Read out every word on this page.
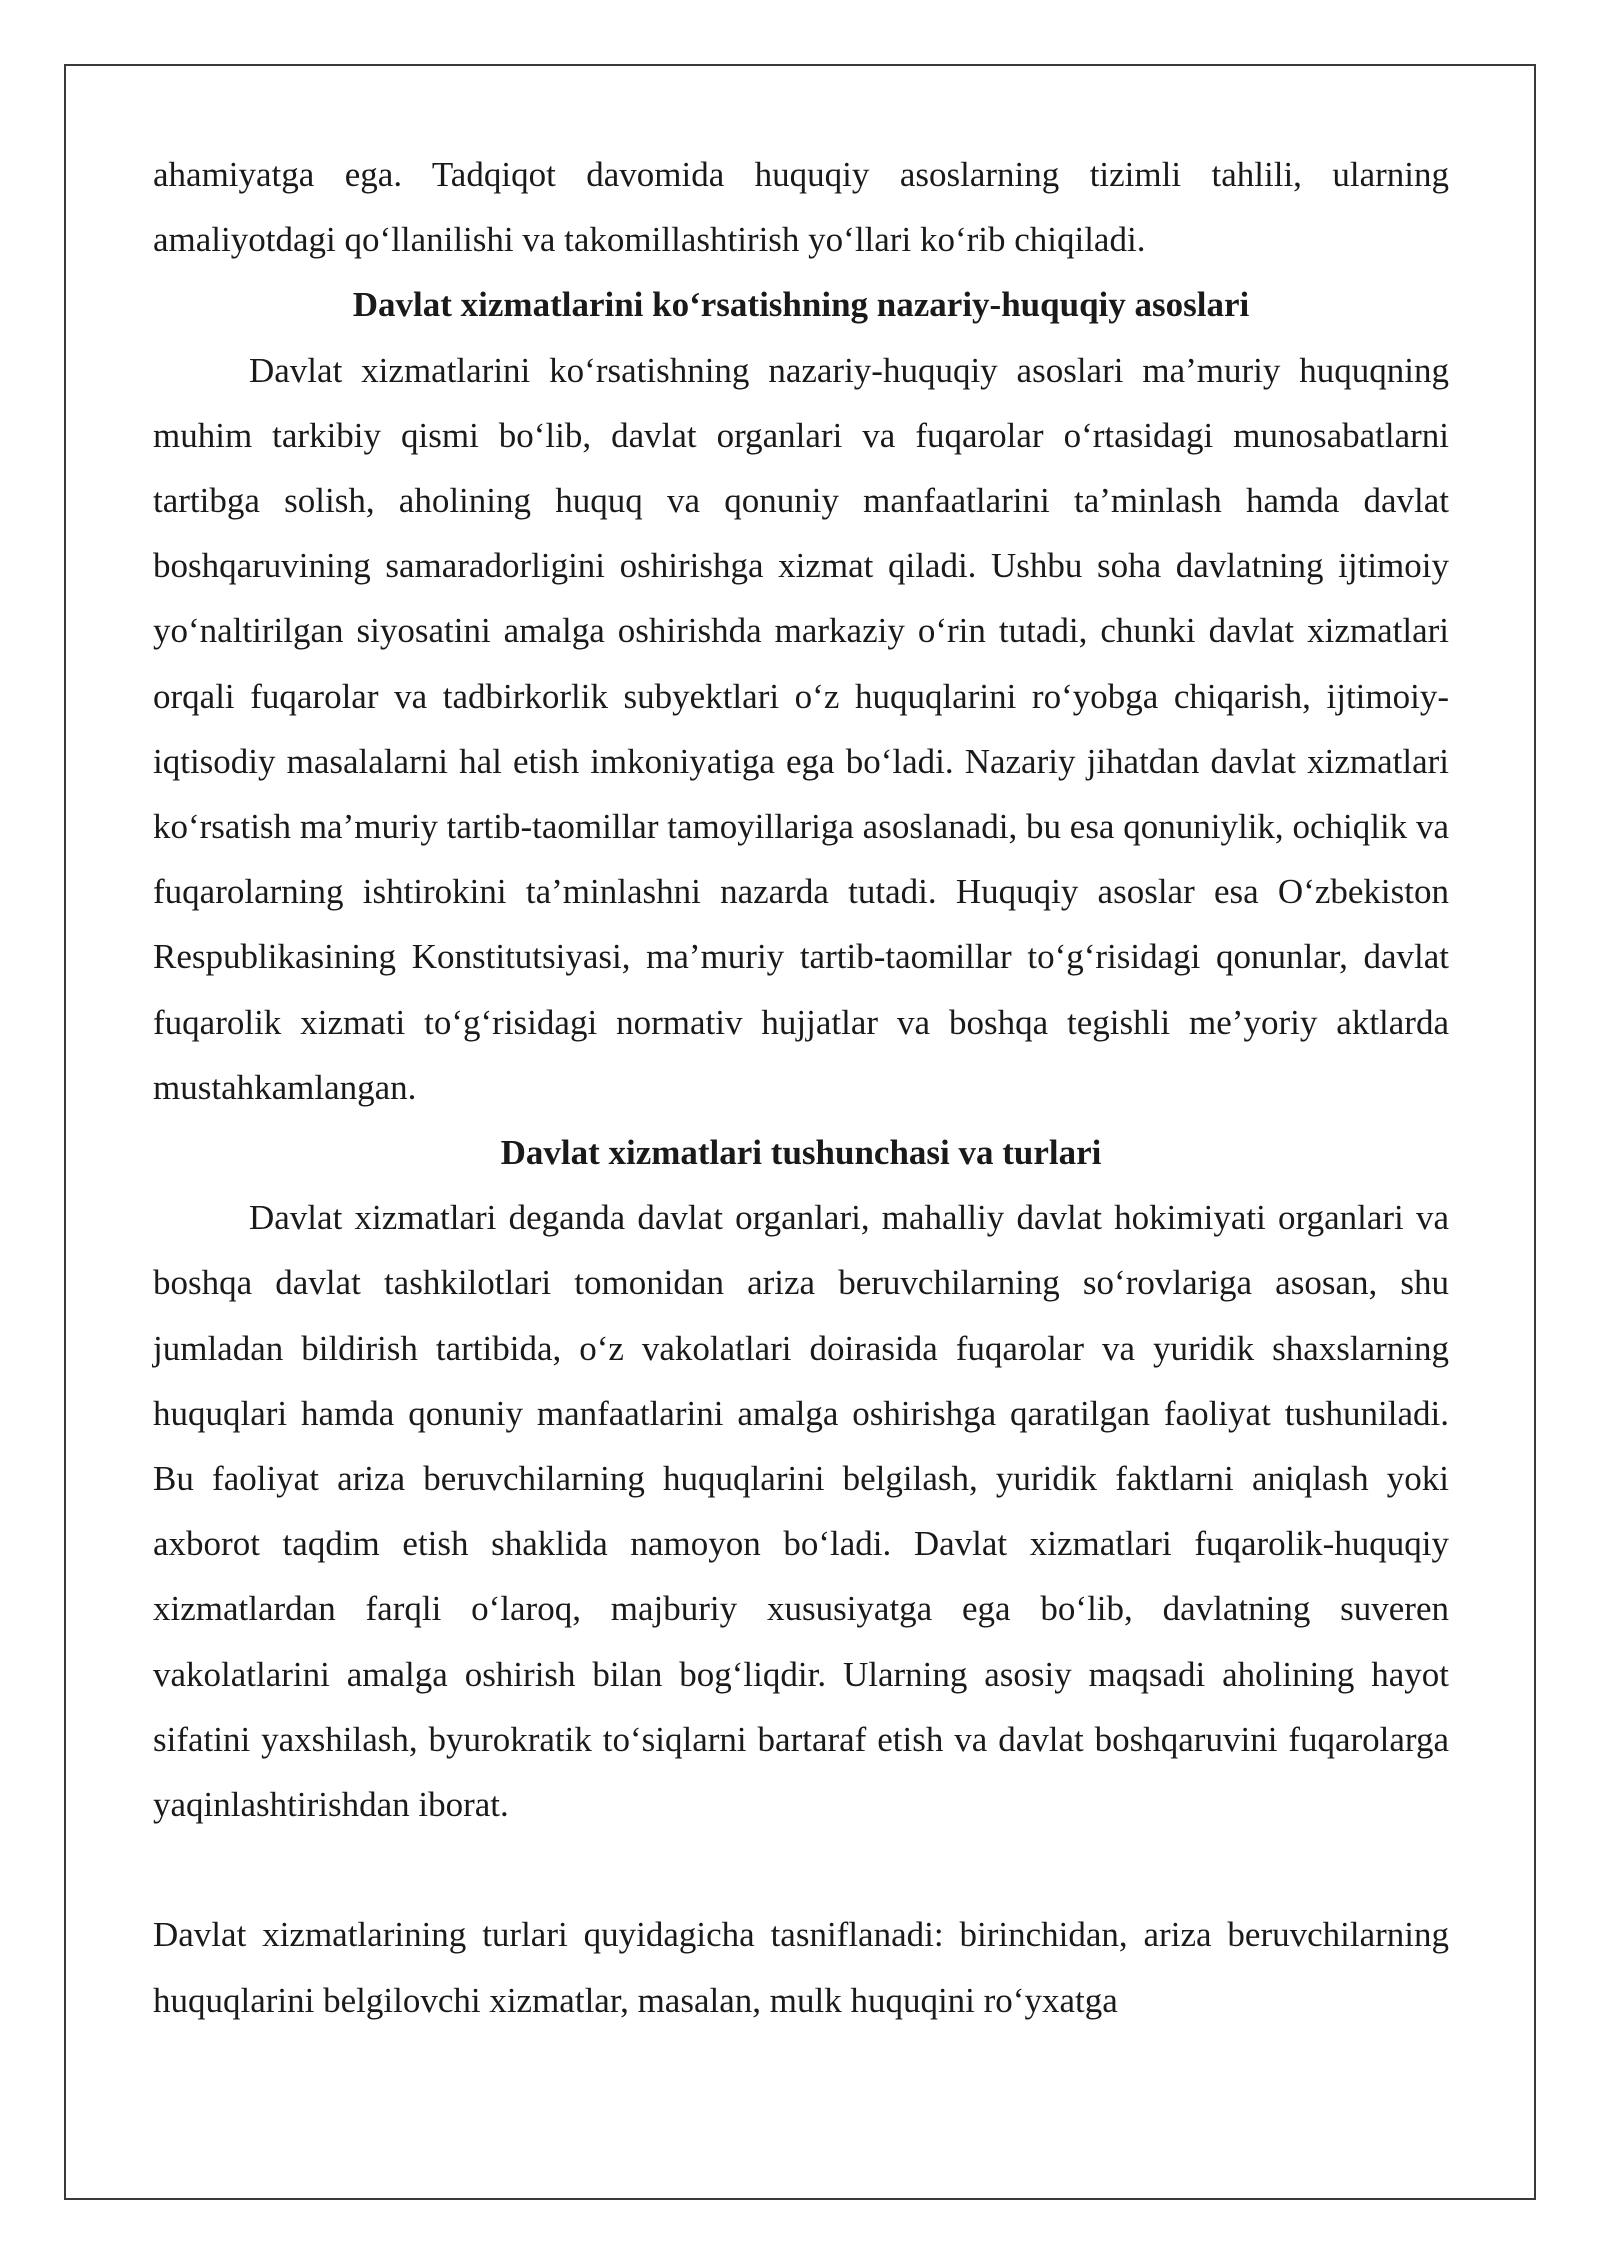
ahamiyatga ega. Tadqiqot davomida huquqiy asoslarning tizimli tahlili, ularning amaliyotdagi qo‘llanilishi va takomillashtirish yo‘llari ko‘rib chiqiladi.

Davlat xizmatlarini ko‘rsatishning nazariy-huquqiy asoslari

Davlat xizmatlarini ko‘rsatishning nazariy-huquqiy asoslari ma’muriy huquqning muhim tarkibiy qismi bo‘lib, davlat organlari va fuqarolar o‘rtasidagi munosabatlarni tartibga solish, aholining huquq va qonuniy manfaatlarini ta’minlash hamda davlat boshqaruvining samaradorligini oshirishga xizmat qiladi. Ushbu soha davlatning ijtimoiy yo‘naltirilgan siyosatini amalga oshirishda markaziy o‘rin tutadi, chunki davlat xizmatlari orqali fuqarolar va tadbirkorlik subyektlari o‘z huquqlarini ro‘yobga chiqarish, ijtimoiy-iqtisodiy masalalarni hal etish imkoniyatiga ega bo‘ladi. Nazariy jihatdan davlat xizmatlari ko‘rsatish ma’muriy tartib-taomillar tamoyillariga asoslanadi, bu esa qonuniylik, ochiqlik va fuqarolarning ishtirokini ta’minlashni nazarda tutadi. Huquqiy asoslar esa O‘zbekiston Respublikasining Konstitutsiyasi, ma’muriy tartib-taomillar to‘g‘risidagi qonunlar, davlat fuqarolik xizmati to‘g‘risidagi normativ hujjatlar va boshqa tegishli me’yoriy aktlarda mustahkamlangan.

Davlat xizmatlari tushunchasi va turlari

Davlat xizmatlari deganda davlat organlari, mahalliy davlat hokimiyati organlari va boshqa davlat tashkilotlari tomonidan ariza beruvchilarning so‘rovlariga asosan, shu jumladan bildirish tartibida, o‘z vakolatlari doirasida fuqarolar va yuridik shaxslarning huquqlari hamda qonuniy manfaatlarini amalga oshirishga qaratilgan faoliyat tushuniladi. Bu faoliyat ariza beruvchilarning huquqlarini belgilash, yuridik faktlarni aniqlash yoki axborot taqdim etish shaklida namoyon bo‘ladi. Davlat xizmatlari fuqarolik-huquqiy xizmatlardan farqli o‘laroq, majburiy xususiyatga ega bo‘lib, davlatning suveren vakolatlarini amalga oshirish bilan bog‘liqdir. Ularning asosiy maqsadi aholining hayot sifatini yaxshilash, byurokratik to‘siqlarni bartaraf etish va davlat boshqaruvini fuqarolarga yaqinlashtirishdan iborat.

Davlat xizmatlarining turlari quyidagicha tasniflanadi: birinchidan, ariza beruvchilarning huquqlarini belgilovchi xizmatlar, masalan, mulk huquqini ro‘yxatga
